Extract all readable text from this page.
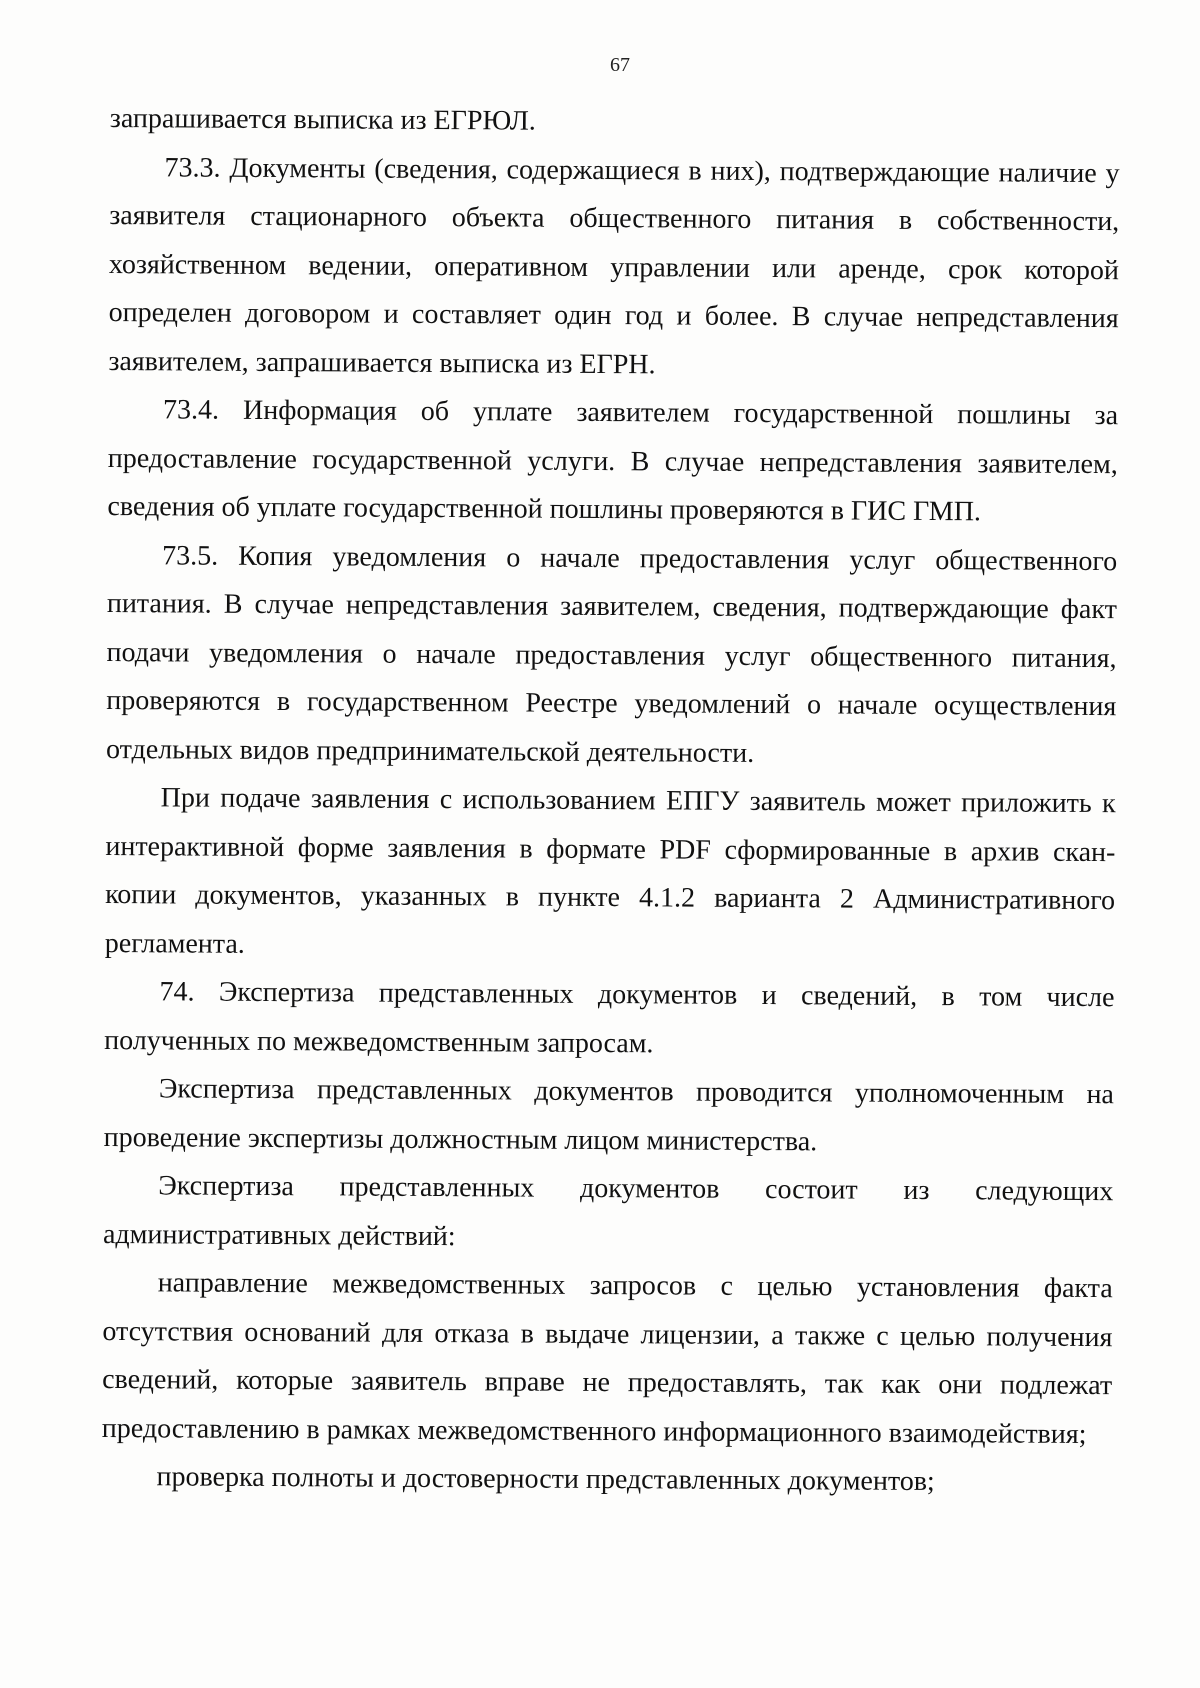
67

запрашивается выписка из ЕГРЮЛ.

73.3. Документы (сведения, содержащиеся в них), подтверждающие наличие у заявителя стационарного объекта общественного питания в собственности, хозяйственном ведении, оперативном управлении или аренде, срок которой определен договором и составляет один год и более. В случае непредставления заявителем, запрашивается выписка из ЕГРН.

73.4. Информация об уплате заявителем государственной пошлины за предоставление государственной услуги. В случае непредставления заявителем, сведения об уплате государственной пошлины проверяются в ГИС ГМП.

73.5. Копия уведомления о начале предоставления услуг общественного питания. В случае непредставления заявителем, сведения, подтверждающие факт подачи уведомления о начале предоставления услуг общественного питания, проверяются в государственном Реестре уведомлений о начале осуществления отдельных видов предпринимательской деятельности.

При подаче заявления с использованием ЕПГУ заявитель может приложить к интерактивной форме заявления в формате PDF сформированные в архив скан-копии документов, указанных в пункте 4.1.2 варианта 2 Административного регламента.

74. Экспертиза представленных документов и сведений, в том числе полученных по межведомственным запросам.

Экспертиза представленных документов проводится уполномоченным на проведение экспертизы должностным лицом министерства.

Экспертиза представленных документов состоит из следующих административных действий:

направление межведомственных запросов с целью установления факта отсутствия оснований для отказа в выдаче лицензии, а также с целью получения сведений, которые заявитель вправе не предоставлять, так как они подлежат предоставлению в рамках межведомственного информационного взаимодействия;

проверка полноты и достоверности представленных документов;
